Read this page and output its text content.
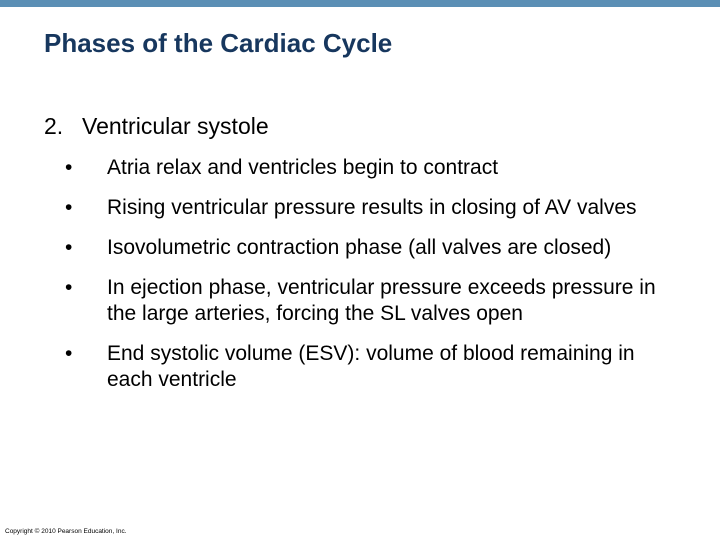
Phases of the Cardiac Cycle
2. Ventricular systole
•	Atria relax and ventricles begin to contract
•	Rising ventricular pressure results in closing of AV valves
•	Isovolumetric contraction phase (all valves are closed)
•	In ejection phase, ventricular pressure exceeds pressure in the large arteries, forcing the SL valves open
•	End systolic volume (ESV): volume of blood remaining in each ventricle
Copyright © 2010 Pearson Education, Inc.
